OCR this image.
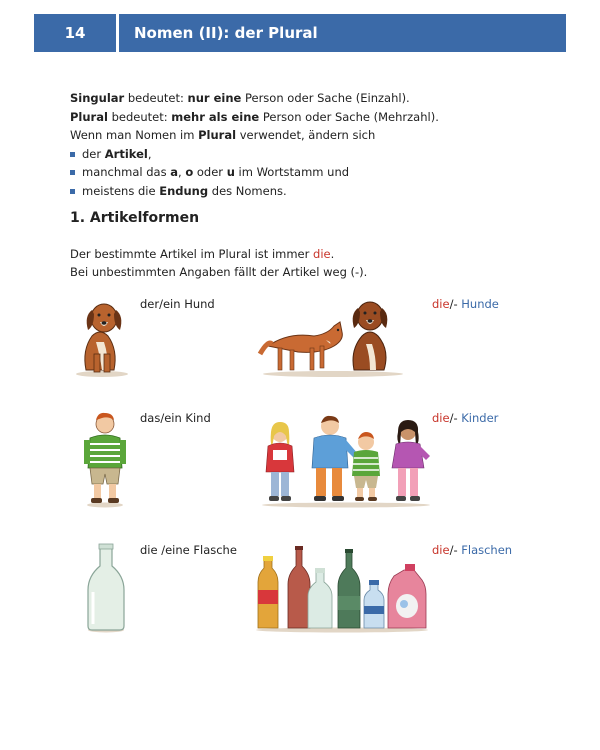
14	Nomen (II): der Plural

Singular bedeutet: nur eine Person oder Sache (Einzahl).

Plural bedeutet: mehr als eine Person oder Sache (Mehrzahl).

Wenn man Nomen im Plural verwendet, ändern sich

der Artikel,
manchmal das a, o oder u im Wortstamm und
meistens die Endung des Nomens.
1. Artikelformen

Der bestimmte Artikel im Plural ist immer die.

Bei unbestimmten Angaben fällt der Artikel weg (-).

der/ein Hund	die/- Hunde
das/ein Kind	die/- Kinder
die /eine Flasche	die/- Flaschen
